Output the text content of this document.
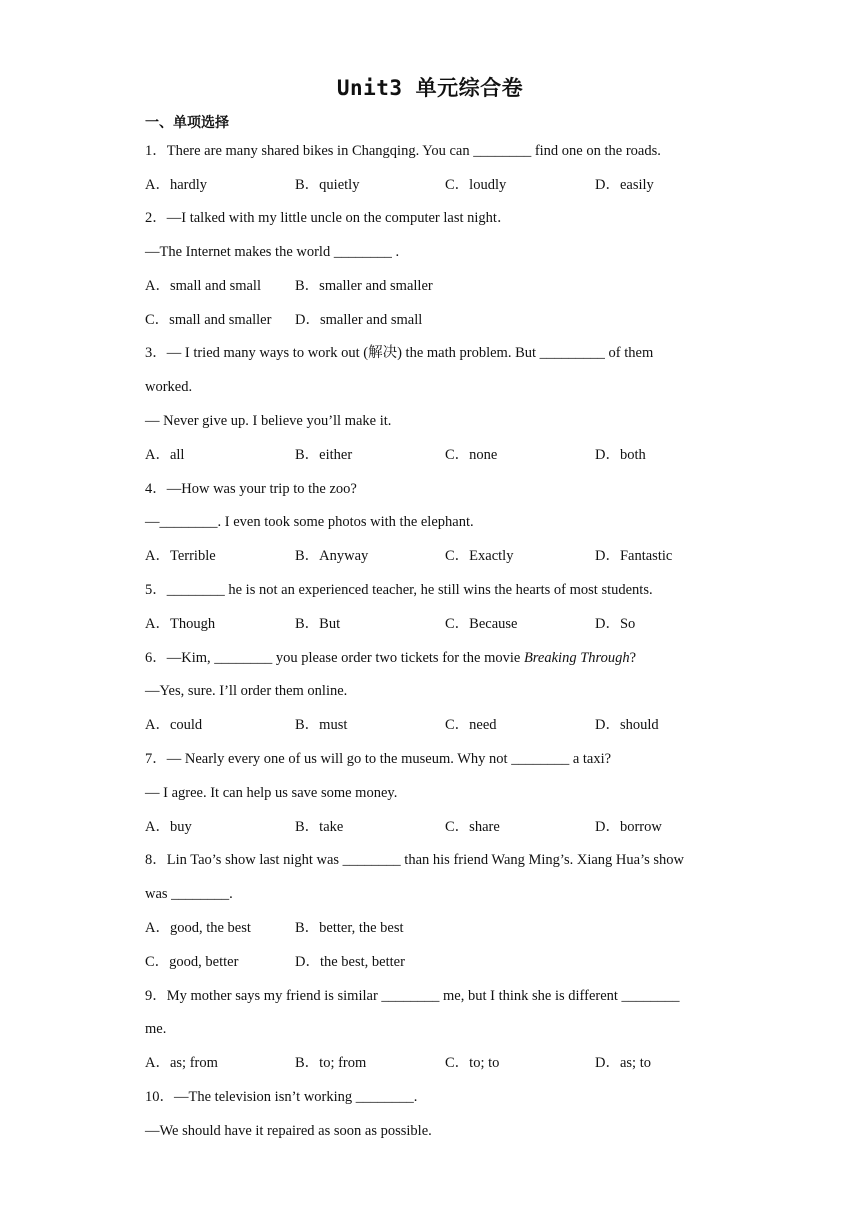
Unit3 单元综合卷
一、单项选择
1．There are many shared bikes in Changqing. You can ________ find one on the roads.
A．hardly	B．quietly	C．loudly	D．easily
2．—I talked with my little uncle on the computer last night．
—The Internet makes the world ________ .
A．small and small B．smaller and smaller
C．small and smaller D．smaller and small
3．— I tried many ways to work out (解决) the math problem. But _________ of them
worked.
— Never give up. I believe you’ll make it.
A．all	B．either	C．none	D．both
4．—How was your trip to the zoo?
—________. I even took some photos with the elephant.
A．Terrible	B．Anyway	C．Exactly	D．Fantastic
5．________ he is not an experienced teacher, he still wins the hearts of most students.
A．Though	B．But	C．Because	D．So
6．—Kim, ________ you please order two tickets for the movie Breaking Through?
—Yes, sure. I’ll order them online.
A．could	B．must	C．need	D．should
7．— Nearly every one of us will go to the museum. Why not ________ a taxi?
— I agree. It can help us save some money.
A．buy	B．take	C．share	D．borrow
8．Lin Tao’s show last night was ________ than his friend Wang Ming’s. Xiang Hua’s show
was ________.
A．good, the best	B．better, the best
C．good, better	D．the best, better
9．My mother says my friend is similar ________ me, but I think she is different ________
me.
A．as; from	B．to; from	C．to; to	D．as; to
10．—The television isn’t working ________.
—We should have it repaired as soon as possible.
